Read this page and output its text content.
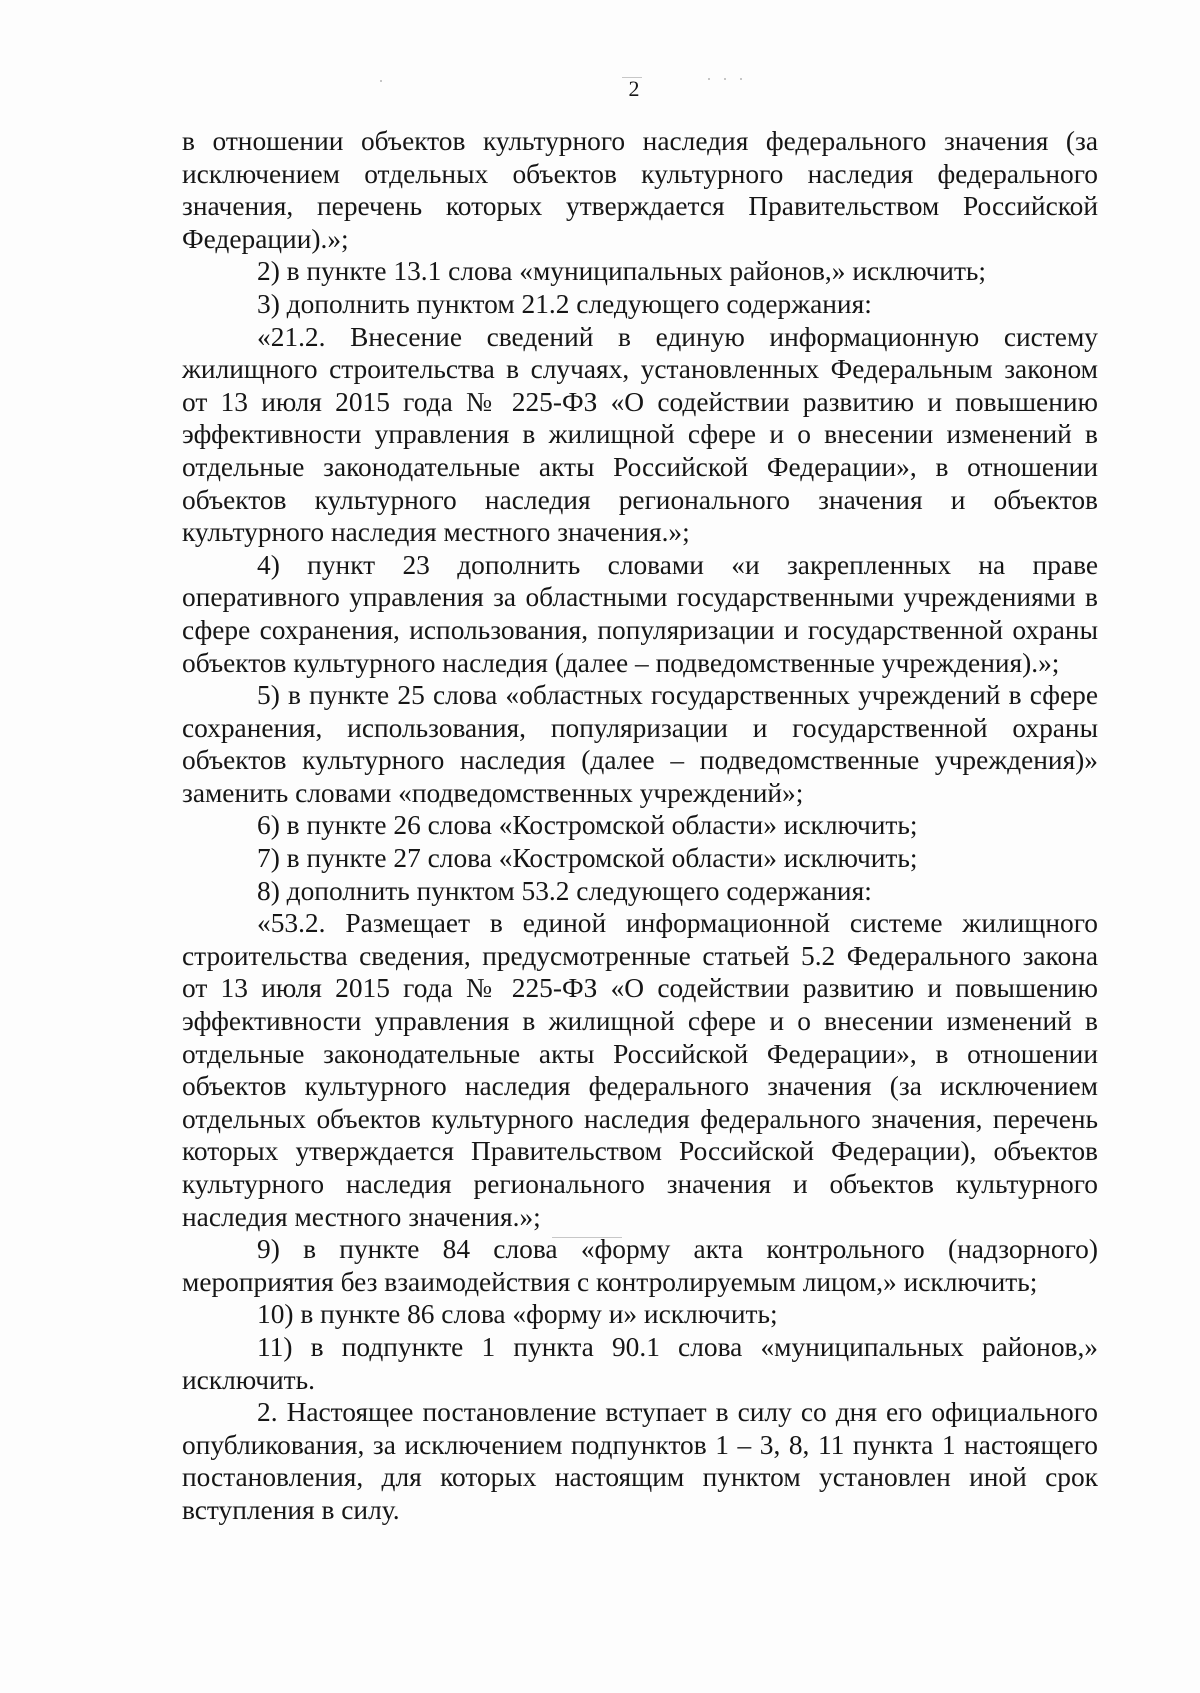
2

в отношении объектов культурного наследия федерального значения (за исключением отдельных объектов культурного наследия федерального значения, перечень которых утверждается Правительством Российской Федерации).»;

2) в пункте 13.1 слова «муниципальных районов,» исключить;

3) дополнить пунктом 21.2 следующего содержания:

«21.2. Внесение сведений в единую информационную систему жилищного строительства в случаях, установленных Федеральным законом от 13 июля 2015 года № 225-ФЗ «О содействии развитию и повышению эффективности управления в жилищной сфере и о внесении изменений в отдельные законодательные акты Российской Федерации», в отношении объектов культурного наследия регионального значения и объектов культурного наследия местного значения.»;

4) пункт 23 дополнить словами «и закрепленных на праве оперативного управления за областными государственными учреждениями в сфере сохранения, использования, популяризации и государственной охраны объектов культурного наследия (далее – подведомственные учреждения).»;

5) в пункте 25 слова «областных государственных учреждений в сфере сохранения, использования, популяризации и государственной охраны объектов культурного наследия (далее – подведомственные учреждения)» заменить словами «подведомственных учреждений»;

6) в пункте 26 слова «Костромской области» исключить;

7) в пункте 27 слова «Костромской области» исключить;

8) дополнить пунктом 53.2 следующего содержания:

«53.2. Размещает в единой информационной системе жилищного строительства сведения, предусмотренные статьей 5.2 Федерального закона от 13 июля 2015 года № 225-ФЗ «О содействии развитию и повышению эффективности управления в жилищной сфере и о внесении изменений в отдельные законодательные акты Российской Федерации», в отношении объектов культурного наследия федерального значения (за исключением отдельных объектов культурного наследия федерального значения, перечень которых утверждается Правительством Российской Федерации), объектов культурного наследия регионального значения и объектов культурного наследия местного значения.»;

9) в пункте 84 слова «форму акта контрольного (надзорного) мероприятия без взаимодействия с контролируемым лицом,» исключить;

10) в пункте 86 слова «форму и» исключить;

11) в подпункте 1 пункта 90.1 слова «муниципальных районов,» исключить.

2. Настоящее постановление вступает в силу со дня его официального опубликования, за исключением подпунктов 1 – 3, 8, 11 пункта 1 настоящего постановления, для которых настоящим пунктом установлен иной срок вступления в силу.
